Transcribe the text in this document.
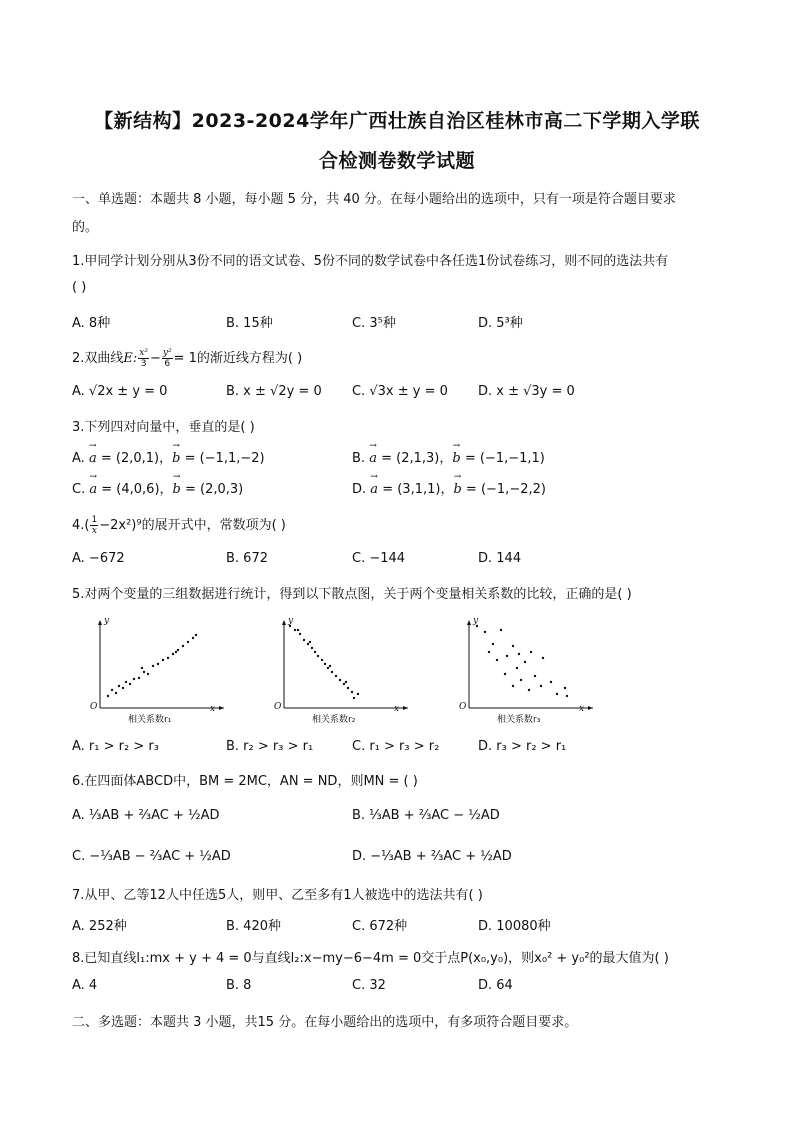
【新结构】2023-2024学年广西壮族自治区桂林市高二下学期入学联
合检测卷数学试题
一、单选题：本题共 8 小题，每小题 5 分，共 40 分。在每小题给出的选项中，只有一项是符合题目要求
的。
1.甲同学计划分别从3份不同的语文试卷、5份不同的数学试卷中各任选1份试卷练习，则不同的选法共有
( )
A. 8种	B. 15种	C. 3⁵种	D. 5³种
2.双曲线E: $\frac{\text{x²}}{3} - \frac{\text{y²}}{6} = 1$的渐近线方程为( )
A. √2x ± y = 0	B. x ± √2y = 0 C. √3x ± y = 0 D. x ± √3y = 0
3.下列四对向量中，垂直的是( )
A. → a = (2,0,1)，→ b = (−1,1,−2)	B. → a = (2,1,3)，→ b = (−1,−1,1)
C. → a = (4,0,6)，→ b = (2,0,3)	D. → a = (3,1,1)，→ b = (−1,−2,2)
$4.( \frac{1}{x} -2x^2)^9$的展开式中，常数项为( )
A. −672	B. 672	C. −144	D. 144
5.对两个变量的三组数据进行统计，得到以下散点图，关于两个变量相关系数的比较，正确的是( )
y
x
O
相关系数r₁
y
x
O
相关系数r₂
y
x
O
相关系数r₃
A. r₁ > r₂ > r₃	B. r₂ > r₃ > r₁	C. r₁ > r₃ > r₂	D. r₃ > r₂ > r₁
6.在四面体ABCD中，BM = 2MC，AN = ND，则MN = ( )
A. ⅓AB + ⅔AC + ½AD	B. ⅓AB + ⅔AC − ½AD
C. −⅓AB − ⅔AC + ½AD	D. −⅓AB + ⅔AC + ½AD
7.从甲、乙等12人中任选5人，则甲、乙至多有1人被选中的选法共有( )
A. 252种	B. 420种	C. 672种	D. 10080种
8.已知直线l₁:mx + y + 4 = 0与直线l₂:x−my−6−4m = 0交于点P(x₀,y₀)，则x₀² + y₀²的最大值为( )
A. 4	B. 8	C. 32	D. 64
二、多选题：本题共 3 小题，共15 分。在每小题给出的选项中，有多项符合题目要求。
